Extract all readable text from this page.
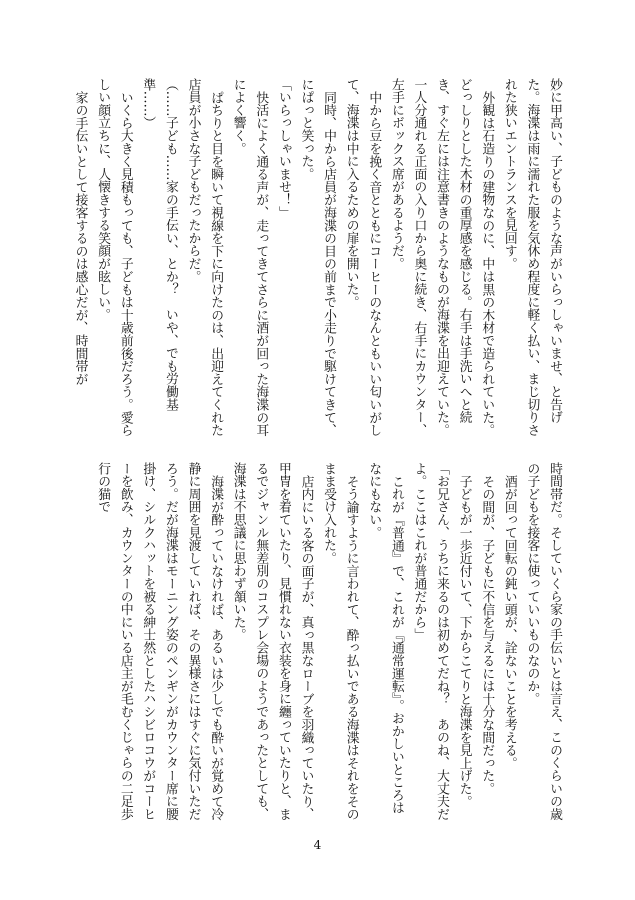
妙に甲高い、子どものような声がいらっしゃいませ、と告げた。海渫は雨に濡れた服を気休め程度に軽く払い、まじ切りされた狭いエントランスを見回す。
外観は石造りの建物なのに、中は黒の木材で造られていた。どっしりとした木材の重厚感を感じる。右手は手洗いへと続き、すぐ左には注意書きのようなものが海渫を出迎えていた。一人分通れる正面の入り口から奥に続き、右手にカウンター、左手にボックス席があるようだ。
中から豆を挽く音とともにコーヒーのなんともいい匂いがして、海渫は中に入るための扉を開いた。
同時、中から店員が海渫の目の前まで小走りで駆けてきて、にぱっと笑った。
「いらっしゃいませ！」
快活によく通る声が、走ってきてさらに酒が回った海渫の耳によく響く。
ぱちりと目を瞬いて視線を下に向けたのは、出迎えてくれた店員が小さな子どもだったからだ。
（……子ども……家の手伝い、とか？　いや、でも労働基準……）
いくら大きく見積もっても、子どもは十歳前後だろう。愛らしい顔立ちに、人懐きする笑顔が眩しい。
家の手伝いとして接客するのは感心だが、時間帯が
時間帯だ。そしていくら家の手伝いとは言え、このくらいの歳の子どもを接客に使っていいものなのか。
酒が回って回転の鈍い頭が、詮ないことを考える。
その間が、子どもに不信を与えるには十分な間だった。
子どもが一歩近付いて、下からこてりと海渫を見上げた。
「お兄さん、うちに来るのは初めてだね？　あのね、大丈夫だよ。ここはこれが普通だから」
これが『普通』で、これが『通常運転』。おかしいところはなにもない。
そう諭すように言われて、酔っ払いである海渫はそれをそのまま受け入れた。
店内にいる客の面子が、真っ黒なローブを羽織っていたり、甲冑を着ていたり、見慣れない衣装を身に纏っていたりと、まるでジャンル無差別のコスプレ会場のようであったとしても、海渫は不思議に思わず頷いた。
海渫が酔っていなければ、あるいは少しでも酔いが覚めて冷静に周囲を見渡していれば、その異様さにはすぐに気付いただろう。だが海渫はモーニング姿のペンギンがカウンター席に腰掛け、シルクハットを被る紳士然としたハシビロコウがコーヒーを飲み、カウンターの中にいる店主が毛むくじゃらの二足歩行の猫で
4
